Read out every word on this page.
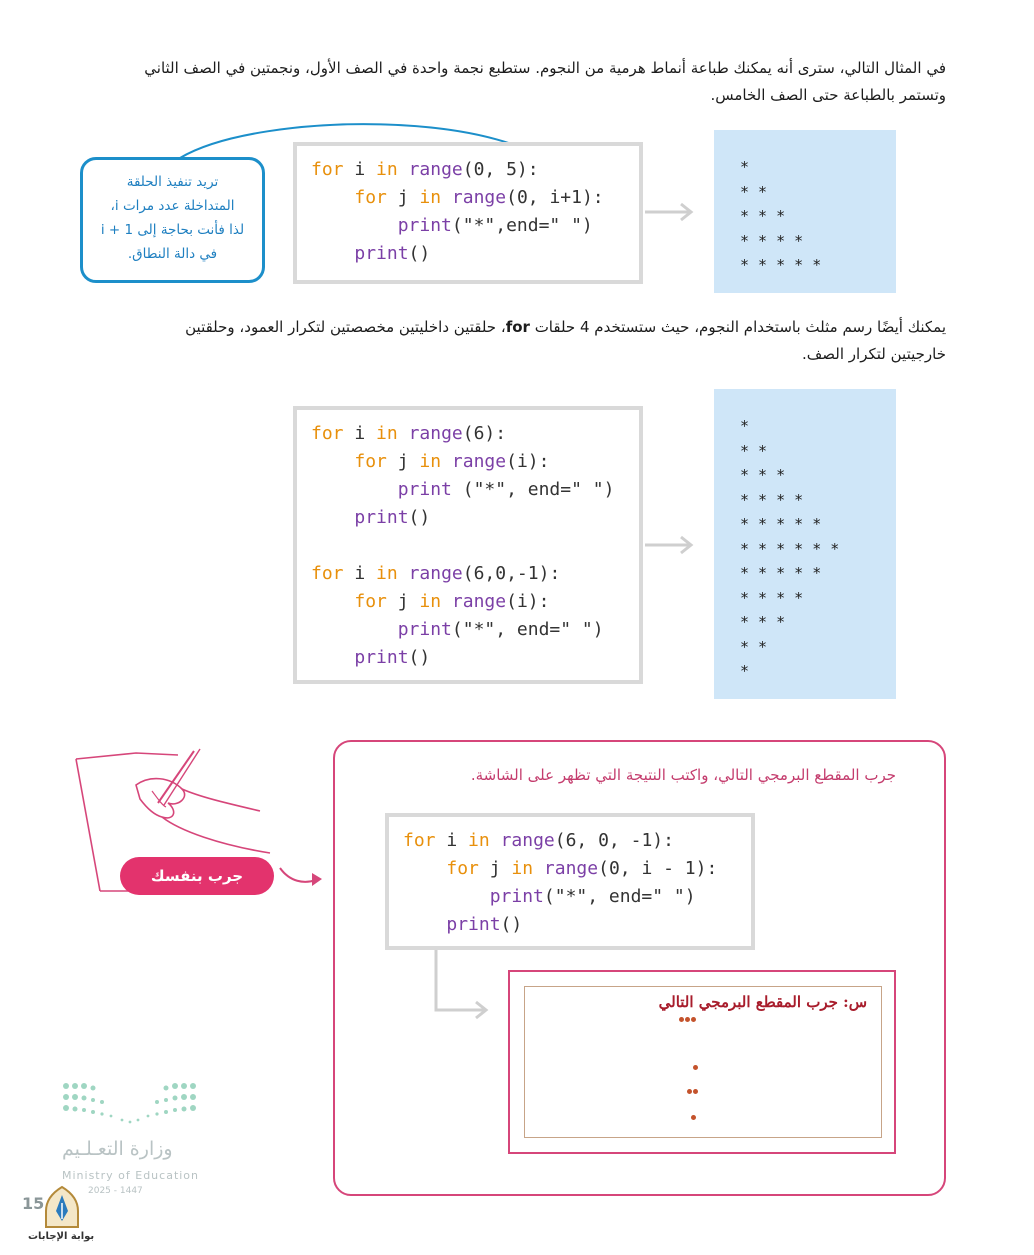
في المثال التالي، سترى أنه يمكنك طباعة أنماط هرمية من النجوم. ستطبع نجمة واحدة في الصف الأول، ونجمتين في الصف الثاني
وتستمر بالطباعة حتى الصف الخامس.
تريد تنفيذ الحلقة
المتداخلة عدد مرات i،
لذا فأنت بحاجة إلى i + 1
في دالة النطاق.
for i in range(0, 5):
for j in range(0, i+1):
print("*",end=" ")
print()
*
* *
* * *
* * * *
* * * * *
يمكنك أيضًا رسم مثلث باستخدام النجوم، حيث ستستخدم 4 حلقات for، حلقتين داخليتين مخصصتين لتكرار العمود، وحلقتين
خارجيتين لتكرار الصف.
for i in range(6):
for j in range(i):
print ("*", end=" ")
print()

for i in range(6,0,-1):
for j in range(i):
print("*", end=" ")
print()
*
* *
* * *
* * * *
* * * * *
* * * * * *
* * * * *
* * * *
* * *
* *
*
جرب بنفسك
جرب المقطع البرمجي التالي، واكتب النتيجة التي تظهر على الشاشة.
for i in range(6, 0, -1):
for j in range(0, i - 1):
print("*", end=" ")
print()
س: جرب المقطع البرمجي التالي
وزارة التعـلـيم
Ministry of Education
2025 - 1447
15
بوابة الإجابات
